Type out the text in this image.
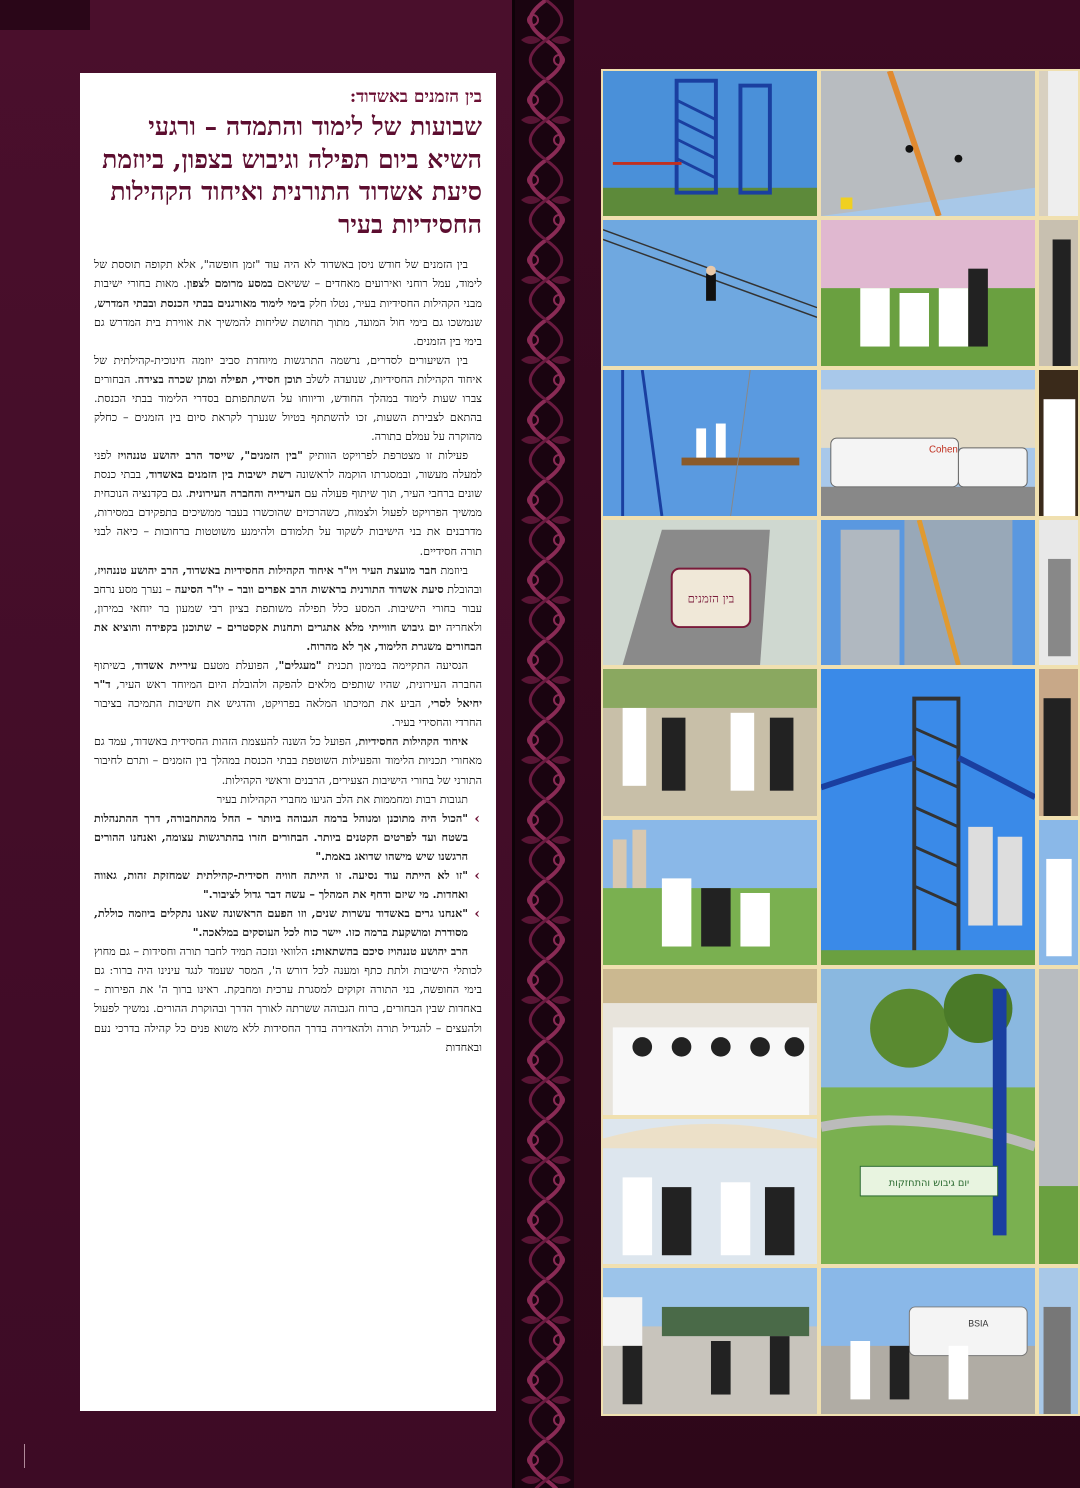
בין הזמנים באשדוד:
שבועות של לימוד והתמדה – ורגעי השיא ביום תפילה וגיבוש בצפון, ביוזמת סיעת אשדוד התורנית ואיחוד הקהילות החסידיות בעיר

בין הזמנים של חודש ניסן באשדוד לא היה עוד "זמן חופשה", אלא תקופה תוססת של לימוד, עמל רוחני ואירועים מאחדים – ששיאם במסע מרומם לצפון. מאות בחורי ישיבות מבני הקהילות החסידיות בעיר, נטלו חלק בימי לימוד מאורגנים בבתי הכנסת ובבתי המדרש, שנמשכו גם בימי חול המועד, מתוך תחושת שליחות להמשיך את אווירת בית המדרש גם בימי בין הזמנים.

בין השיעורים לסדרים, נרשמה התרגשות מיוחדת סביב יוזמה חינוכית-קהילתית של איחוד הקהילות החסידיות, שנועדה לשלב תוכן חסידי, תפילה ומתן שכרה בצידה. הבחורים צברו שעות לימוד במהלך החודש, ודיווחו על השתתפותם בסדרי הלימוד בבתי הכנסת. בהתאם לצבירת השעות, זכו להשתתף בטיול שנערך לקראת סיום בין הזמנים – כחלק מהוקרה על עמלם בתורה.

פעילות זו מצטרפת לפרויקט הוותיק "בין הזמנים", שייסד הרב יהושע טננהויז לפני למעלה מעשור, ובמסגרתו הוקמה לראשונה רשת ישיבות בין הזמנים באשדוד, בבתי כנסת שונים ברחבי העיר, תוך שיתוף פעולה עם העירייה והחברה העירונית. גם בקדנציה הנוכחית ממשיך הפרויקט לפעול ולצמוח, כשהרכזים שהוכשרו בעבר ממשיכים בתפקידם במסירות, מדרבנים את בני הישיבות לשקוד על תלמודם ולהימנע משוטטות ברחובות – כיאה לבני תורה חסידיים.

ביוזמת חבר מועצת העיר ויו"ר איחוד הקהילות החסידיות באשדוד, הרב יהושע טננהויז, ובהובלת סיעת אשדוד התורנית בראשות הרב אפרים וובר – יו"ר הסיעה – נערך מסע נרחב עבור בחורי הישיבות. המסע כלל תפילה משותפת בציון רבי שמעון בר יוחאי במירון, ולאחריה יום גיבוש חווייתי מלא אתגרים ותחנות אקסטרים – שתוכנן בקפידה והוציא את הבחורים משגרת הלימוד, אך לא מהרוח.

הנסיעה התקיימה במימון תכנית "מעגלים", הפועלת מטעם עיריית אשדוד, בשיתוף החברה העירונית, שהיו שותפים מלאים להפקה ולהובלת היום המיוחד ראש העיר, ד"ר יחיאל לסרי, הביע את תמיכתו המלאה בפרויקט, והדגיש את חשיבות התמיכה בציבור החרדי והחסידי בעיר.

איחוד הקהילות החסידיות, הפועל כל השנה להעצמת הזהות החסידית באשדוד, עמד גם מאחורי תכניות הלימוד והפעילות השוטפת בבתי הכנסת במהלך בין הזמנים – ותרם לחיבור התורני של בחורי הישיבות הצעירים, הרבנים וראשי הקהילות.

תגובות רבות ומחממות את הלב הגיעו מחברי הקהילות בעיר

› "הכול היה מתוכנן ומנוהל ברמה הגבוהה ביותר – החל מהתחבורה, דרך ההתנהלות בשטח ועד לפרטים הקטנים ביותר. הבחורים חזרו בהתרגשות עצומה, ואנחנו ההורים הרגשנו שיש מישהו שדואג באמת."

› "זו לא הייתה עוד נסיעה. זו הייתה חוויה חסידית-קהילתית שמחזקת זהות, גאווה ואחדות. מי שיזם ודחף את המהלך – עשה דבר גדול לציבור."

› "אנחנו גרים באשדוד עשרות שנים, וזו הפעם הראשונה שאנו נתקלים ביוזמה כוללת, מסודרת ומושקעת ברמה כזו. יישר כוח לכל העוסקים במלאכה."

הרב יהושע טננהויז סיכם בהשתאות: הלוואי ונזכה תמיד לחבר תורה וחסידות – גם מחוץ לכותלי הישיבות ולתת כתף ומענה לכל דורש ה', המסר שעמד לנגד עינינו היה ברור: גם בימי החופשה, בני התורה זקוקים למסגרת ערכית ומחבקת. ראינו ברוך ה' את הפירות – באחדות שבין הבחורים, ברוח הגבוהה ששרתה לאורך הדרך ובהוקרת ההורים. נמשיך לפעול ולהעצים – להגדיל תורה ולהאדירה בדרך החסידות ללא משוא פנים כל קהילה בדרכי נעם ובאחדות

בין הזמנים
Cohen
יום גיבוש והתחזקות
BSIA
